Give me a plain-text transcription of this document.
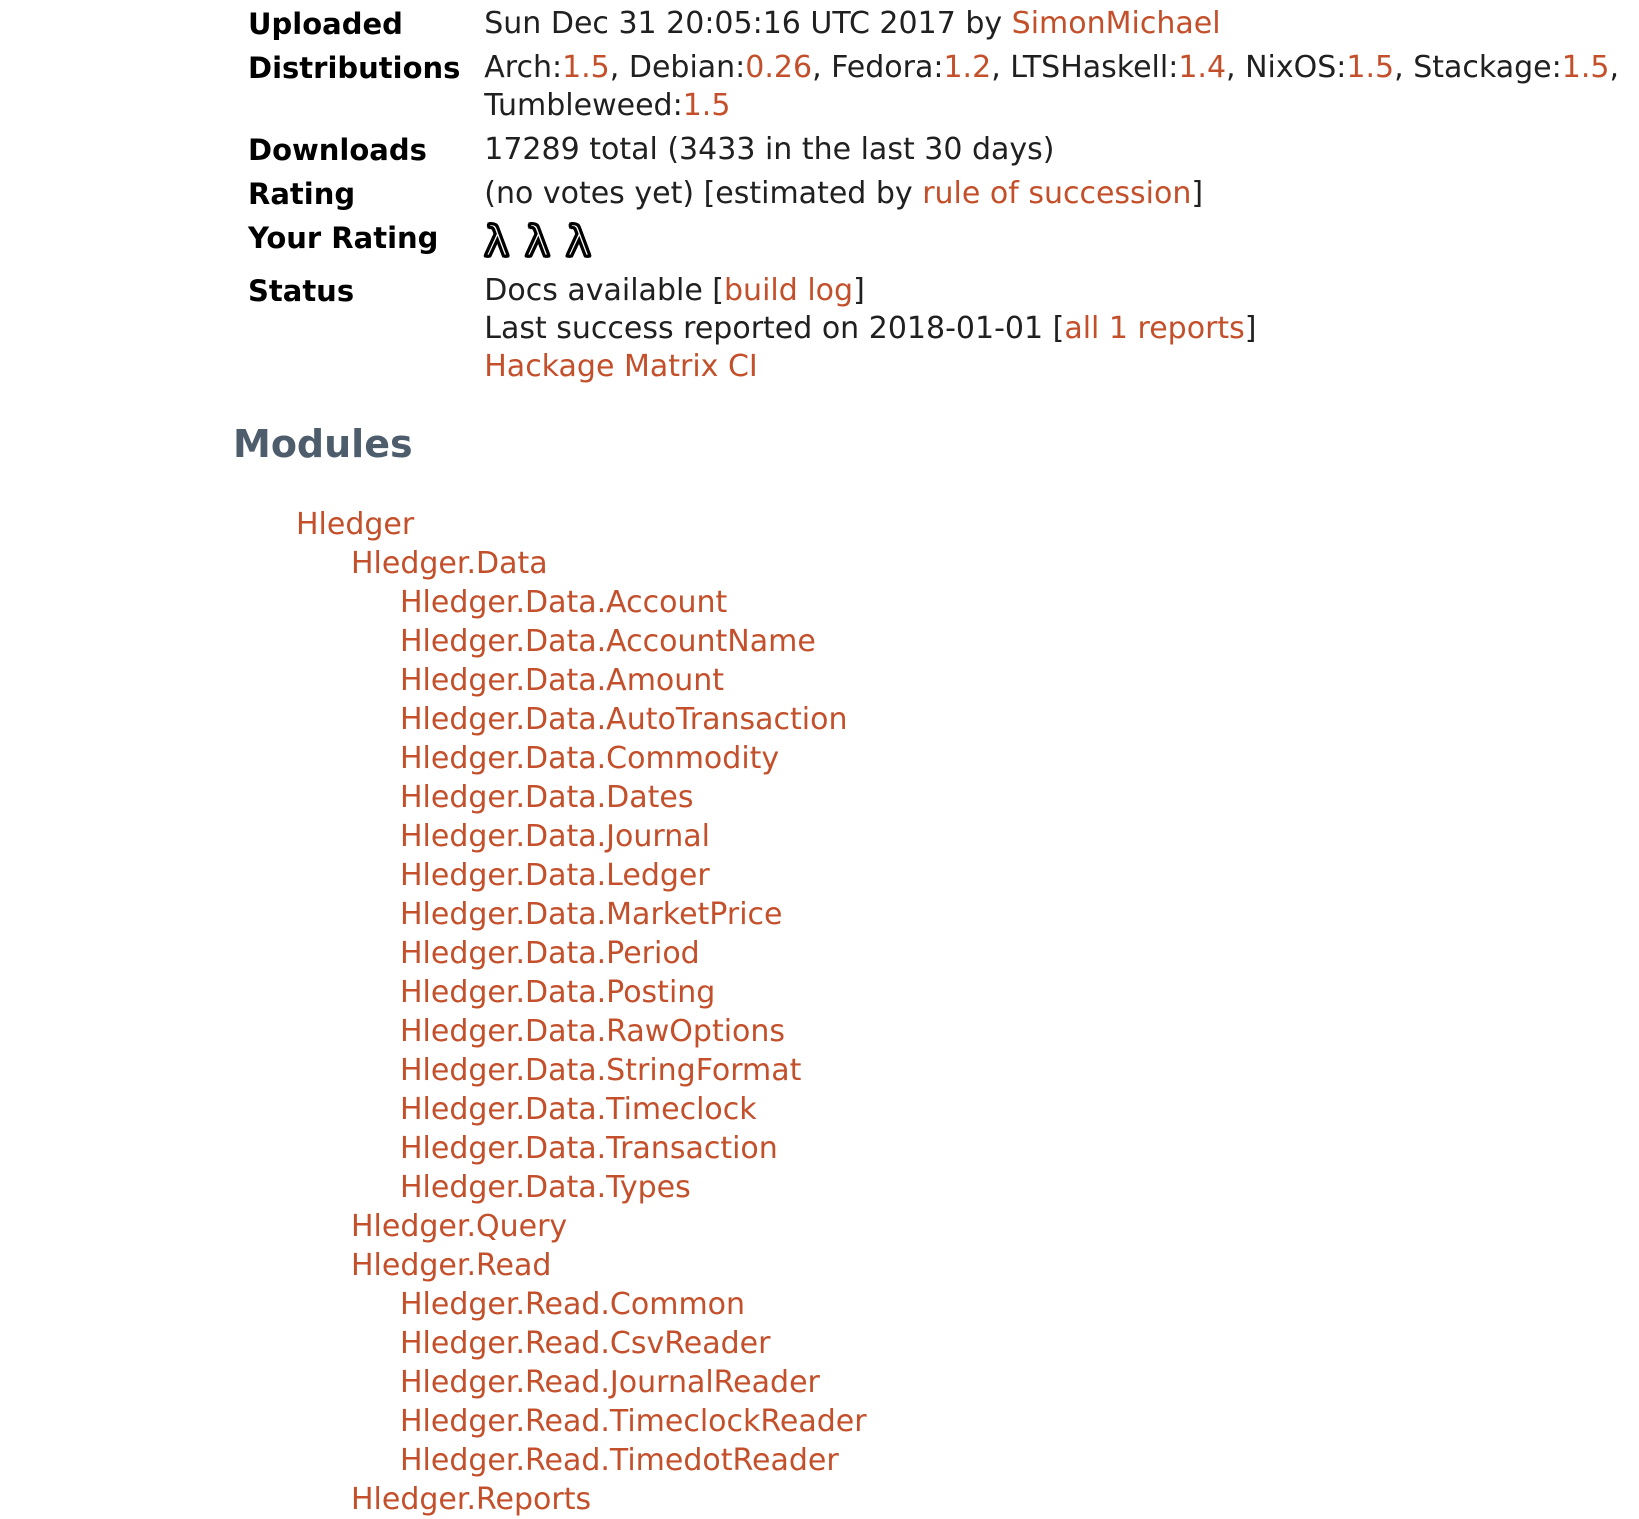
Uploaded	Sun Dec 31 20:05:16 UTC 2017 by SimonMichael

Distributions	Arch:1.5, Debian:0.26, Fedora:1.2, LTSHaskell:1.4, NixOS:1.5, Stackage:1.5,
Tumbleweed:1.5

Downloads	17289 total (3433 in the last 30 days)

Rating	(no votes yet) [estimated by rule of succession]

Your Rating	λ λ λ
Status	Docs available [build log]
Last success reported on 2018-01-01 [all 1 reports]
Hackage Matrix CI
Modules
Hledger
Hledger.Data
Hledger.Data.Account
Hledger.Data.AccountName
Hledger.Data.Amount
Hledger.Data.AutoTransaction
Hledger.Data.Commodity
Hledger.Data.Dates
Hledger.Data.Journal
Hledger.Data.Ledger
Hledger.Data.MarketPrice
Hledger.Data.Period
Hledger.Data.Posting
Hledger.Data.RawOptions
Hledger.Data.StringFormat
Hledger.Data.Timeclock
Hledger.Data.Transaction
Hledger.Data.Types
Hledger.Query
Hledger.Read
Hledger.Read.Common
Hledger.Read.CsvReader
Hledger.Read.JournalReader
Hledger.Read.TimeclockReader
Hledger.Read.TimedotReader
Hledger.Reports
